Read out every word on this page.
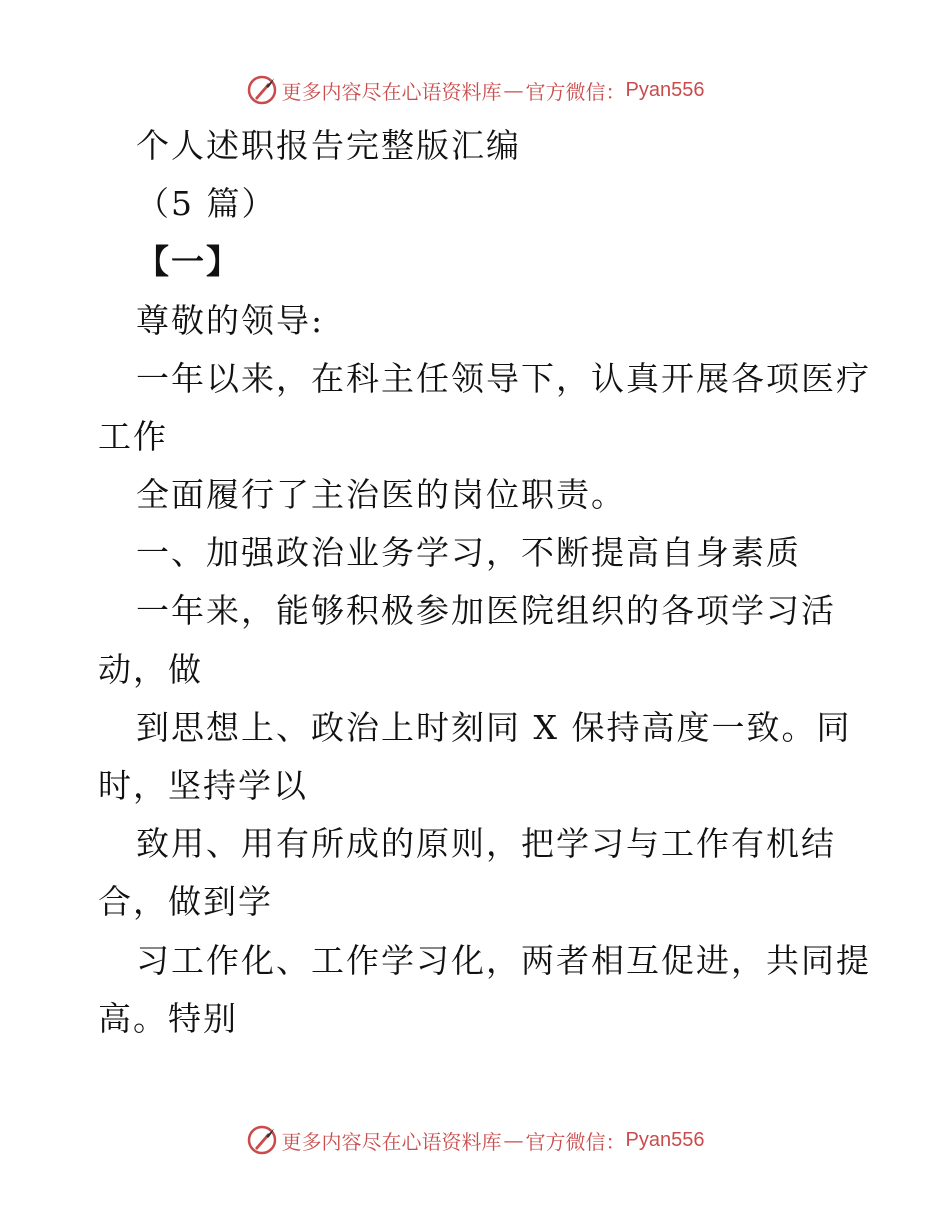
更多内容尽在心语资料库 — 官方微信： Pyan556
个人述职报告完整版汇编
（5 篇）
【一】
尊敬的领导:
一年以来，在科主任领导下，认真开展各项医疗
工作
全面履行了主治医的岗位职责。
一、加强政治业务学习，不断提高自身素质
一年来，能够积极参加医院组织的各项学习活
动，做
到思想上、政治上时刻同 X 保持高度一致。同
时，坚持学以
致用、用有所成的原则，把学习与工作有机结
合，做到学
习工作化、工作学习化，两者相互促进，共同提
高。特别
更多内容尽在心语资料库 — 官方微信： Pyan556
